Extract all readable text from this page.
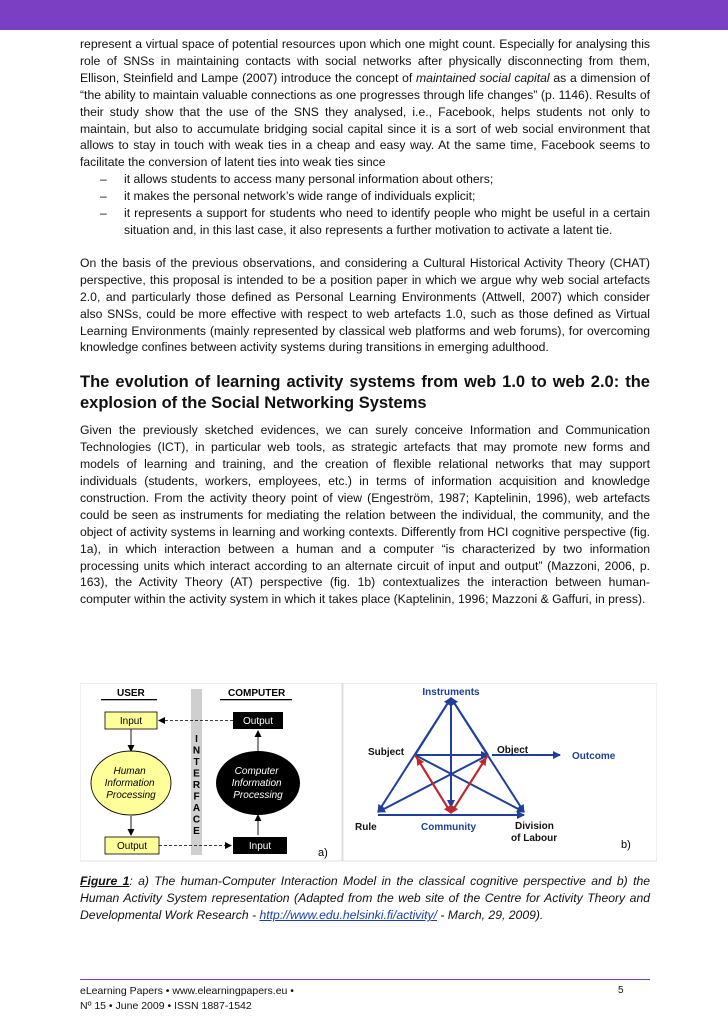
represent a virtual space of potential resources upon which one might count. Especially for analysing this role of SNSs in maintaining contacts with social networks after physically disconnecting from them, Ellison, Steinfield and Lampe (2007) introduce the concept of maintained social capital as a dimension of “the ability to maintain valuable connections as one progresses through life changes” (p. 1146). Results of their study show that the use of the SNS they analysed, i.e., Facebook, helps students not only to maintain, but also to accumulate bridging social capital since it is a sort of web social environment that allows to stay in touch with weak ties in a cheap and easy way. At the same time, Facebook seems to facilitate the conversion of latent ties into weak ties since

– it allows students to access many personal information about others;
– it makes the personal network’s wide range of individuals explicit;
– it represents a support for students who need to identify people who might be useful in a certain situation and, in this last case, it also represents a further motivation to activate a latent tie.

On the basis of the previous observations, and considering a Cultural Historical Activity Theory (CHAT) perspective, this proposal is intended to be a position paper in which we argue why web social artefacts 2.0, and particularly those defined as Personal Learning Environments (Attwell, 2007) which consider also SNSs, could be more effective with respect to web artefacts 1.0, such as those defined as Virtual Learning Environments (mainly represented by classical web platforms and web forums), for overcoming knowledge confines between activity systems during transitions in emerging adulthood.

The evolution of learning activity systems from web 1.0 to web 2.0: the
explosion of the Social Networking Systems

Given the previously sketched evidences, we can surely conceive Information and Communication Technologies (ICT), in particular web tools, as strategic artefacts that may promote new forms and models of learning and training, and the creation of flexible relational networks that may support individuals (students, workers, employees, etc.) in terms of information acquisition and knowledge construction. From the activity theory point of view (Engeström, 1987; Kaptelinin, 1996), web artefacts could be seen as instruments for mediating the relation between the individual, the community, and the object of activity systems in learning and working contexts. Differently from HCI cognitive perspective (fig. 1a), in which interaction between a human and a computer “is characterized by two information processing units which interact according to an alternate circuit of input and output” (Mazzoni, 2006, p. 163), the Activity Theory (AT) perspective (fig. 1b) contextualizes the interaction between human-computer within the activity system in which it takes place (Kaptelinin, 1996; Mazzoni & Gaffuri, in press).

USER	COMPUTER
I
N
T
E
R
F
A
C
E
Input	Output
Human Information Processing
Computer Information Processing
Output	Input
a)
Instruments
Subject	Object
Outcome
Rule	Community	Division
of Labour
b)
Figure 1: a) The human-Computer Interaction Model in the classical cognitive perspective and b) the Human Activity System representation (Adapted from the web site of the Centre for Activity Theory and Developmental Work Research - http://www.edu.helsinki.fi/activity/ - March, 29, 2009).
eLearning Papers • www.elearningpapers.eu •
Nº 15 • June 2009 • ISSN 1887-1542
5
